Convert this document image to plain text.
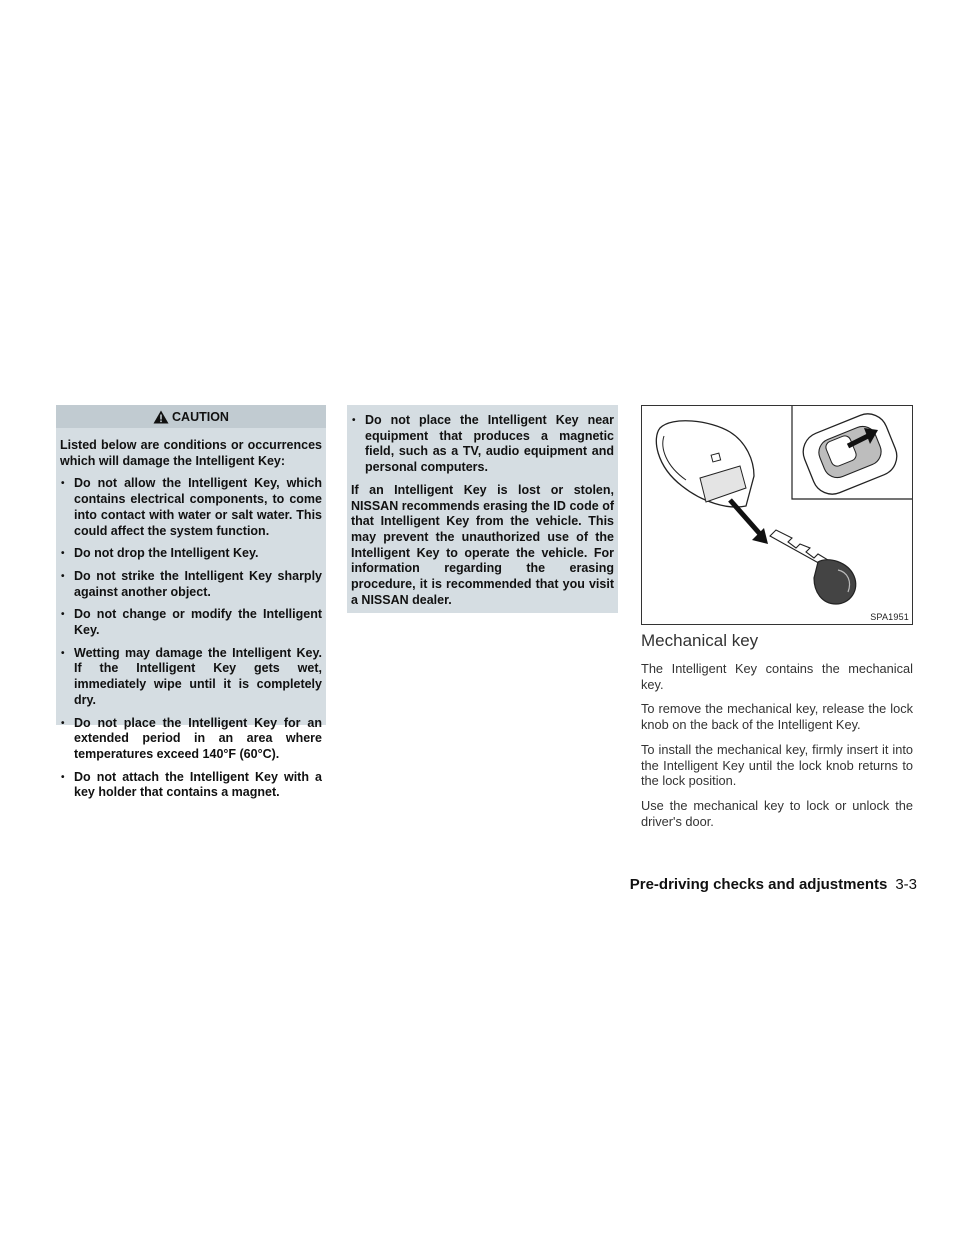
CAUTION

Listed below are conditions or occurrences which will damage the Intelligent Key:

• Do not allow the Intelligent Key, which contains electrical components, to come into contact with water or salt water. This could affect the system function.
• Do not drop the Intelligent Key.
• Do not strike the Intelligent Key sharply against another object.
• Do not change or modify the Intelligent Key.
• Wetting may damage the Intelligent Key. If the Intelligent Key gets wet, immediately wipe until it is completely dry.
• Do not place the Intelligent Key for an extended period in an area where temperatures exceed 140°F (60°C).
• Do not attach the Intelligent Key with a key holder that contains a magnet.
• Do not place the Intelligent Key near equipment that produces a magnetic field, such as a TV, audio equipment and personal computers.

If an Intelligent Key is lost or stolen, NISSAN recommends erasing the ID code of that Intelligent Key from the vehicle. This may prevent the unauthorized use of the Intelligent Key to operate the vehicle. For information regarding the erasing procedure, it is recommended that you visit a NISSAN dealer.

SPA1951
Mechanical key

The Intelligent Key contains the mechanical key.

To remove the mechanical key, release the lock knob on the back of the Intelligent Key.

To install the mechanical key, firmly insert it into the Intelligent Key until the lock knob returns to the lock position.

Use the mechanical key to lock or unlock the driver's door.

Pre-driving checks and adjustments 3-3
